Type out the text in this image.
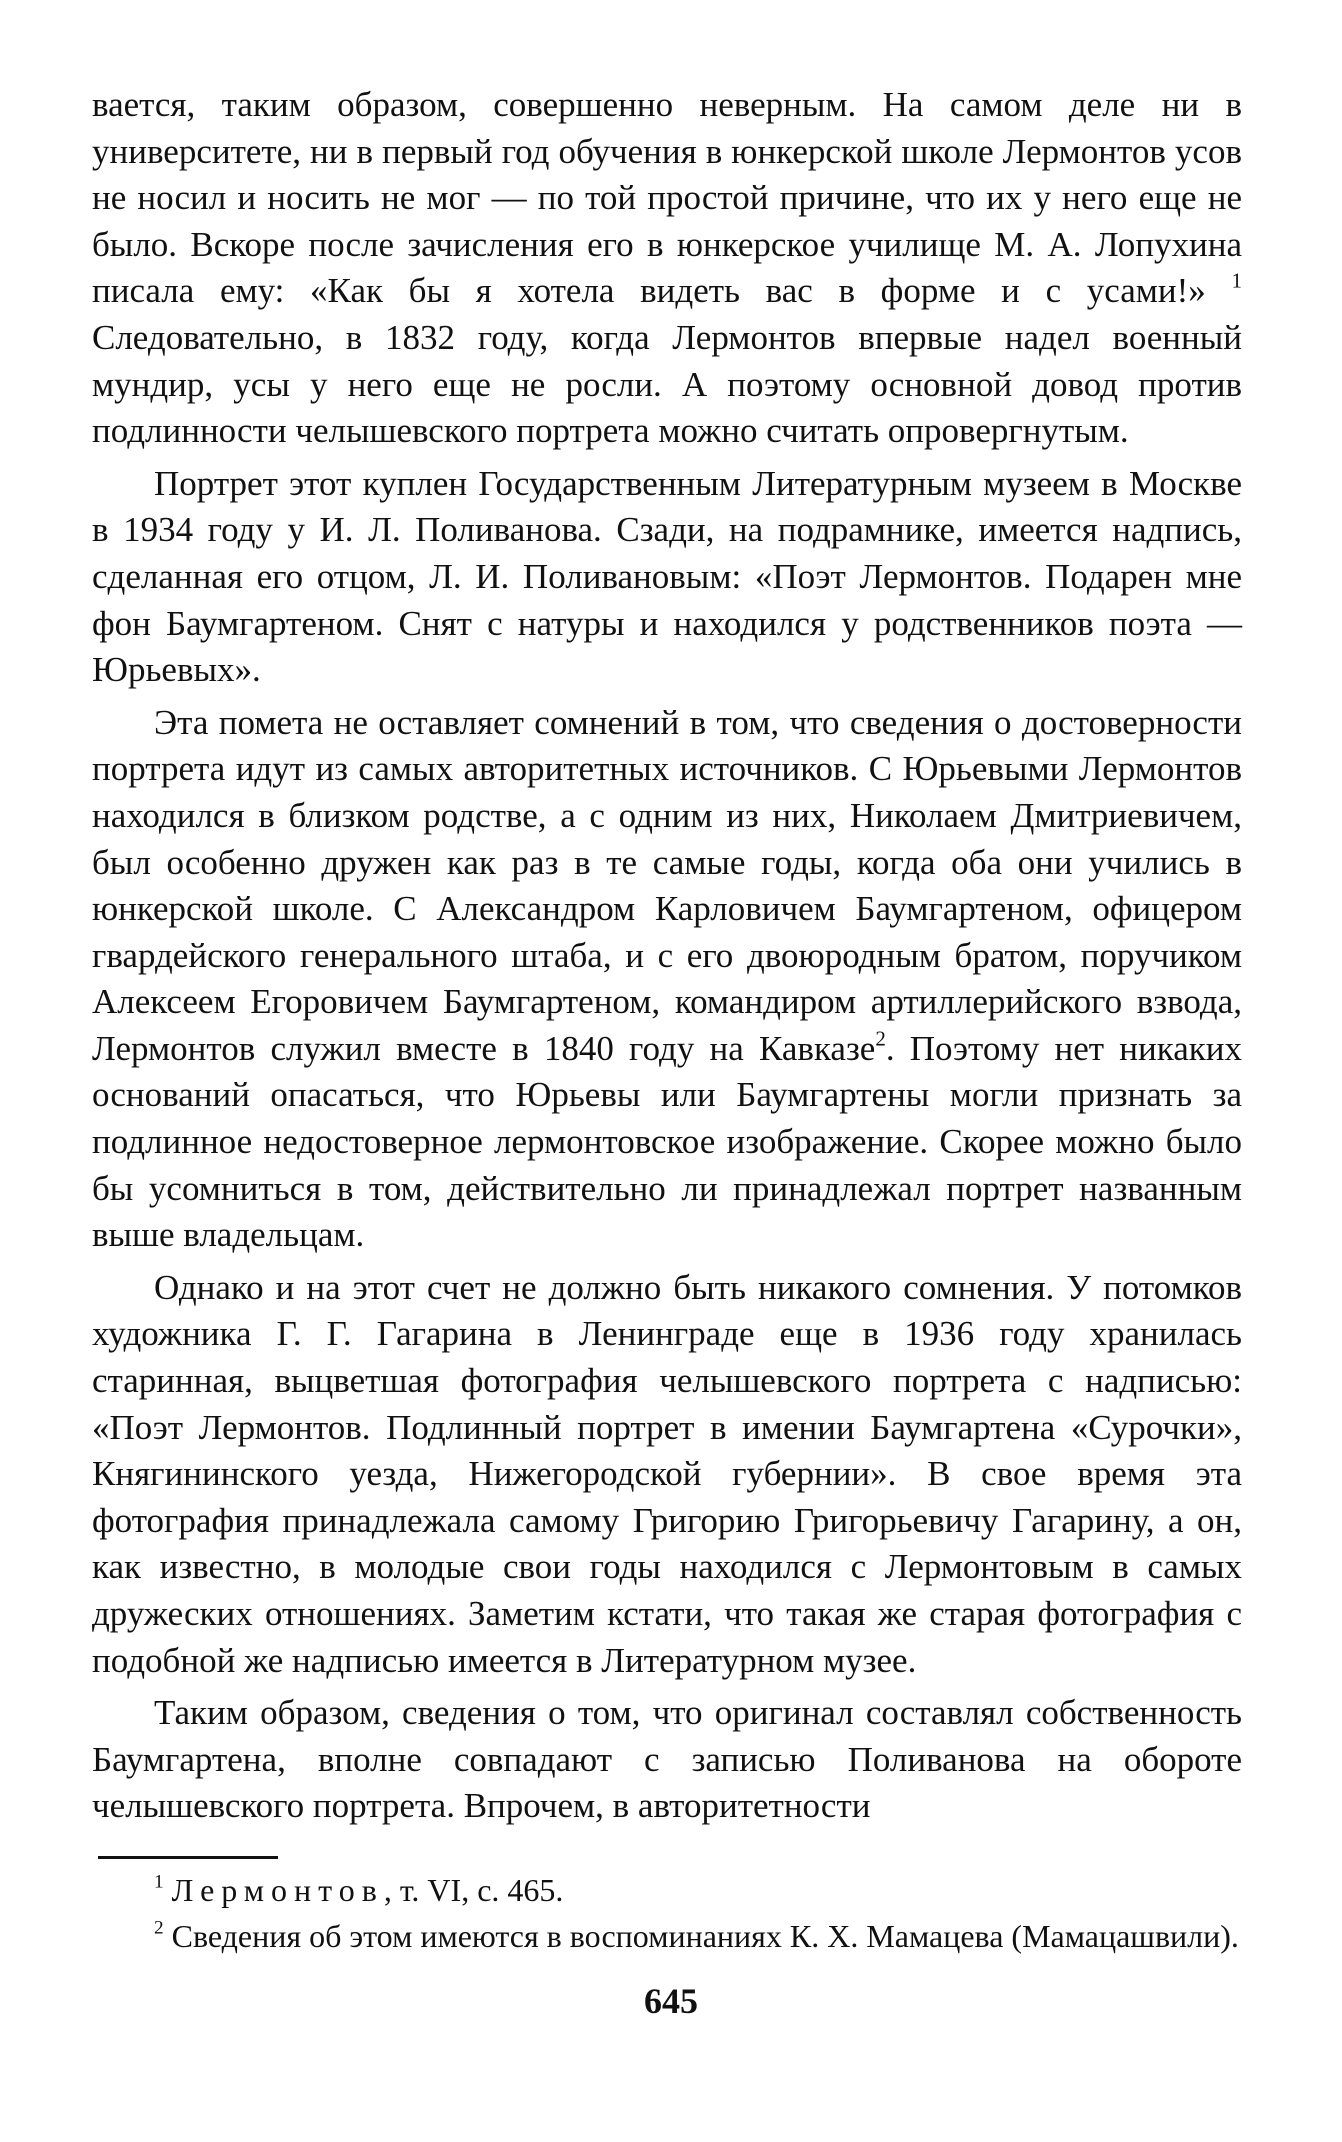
вается, таким образом, совершенно неверным. На самом деле ни в университете, ни в первый год обучения в юнкерской школе Лермонтов усов не носил и носить не мог — по той простой причине, что их у него еще не было. Вскоре после зачисления его в юнкерское училище М. А. Лопухина писала ему: «Как бы я хотела видеть вас в форме и с усами!» $^1$ Следовательно, в 1832 году, когда Лермонтов впервые надел военный мундир, усы у него еще не росли. А поэтому основной довод против подлинности челышевского портрета можно считать опровергнутым.

Портрет этот куплен Государственным Литературным музеем в Москве в 1934 году у И. Л. Поливанова. Сзади, на подрамнике, имеется надпись, сделанная его отцом, Л. И. Поливановым: «Поэт Лермонтов. Подарен мне фон Баумгартеном. Снят с натуры и находился у родственников поэта — Юрьевых».

Эта помета не оставляет сомнений в том, что сведения о достоверности портрета идут из самых авторитетных источников. С Юрьевыми Лермонтов находился в близком родстве, а с одним из них, Николаем Дмитриевичем, был особенно дружен как раз в те самые годы, когда оба они учились в юнкерской школе. С Александром Карловичем Баумгартеном, офицером гвардейского генерального штаба, и с его двоюродным братом, поручиком Алексеем Егоровичем Баумгартеном, командиром артиллерийского взвода, Лермонтов служил вместе в 1840 году на Кавказе$^2$. Поэтому нет никаких оснований опасаться, что Юрьевы или Баумгартены могли признать за подлинное недостоверное лермонтовское изображение. Скорее можно было бы усомниться в том, действительно ли принадлежал портрет названным выше владельцам.

Однако и на этот счет не должно быть никакого сомнения. У потомков художника Г. Г. Гагарина в Ленинграде еще в 1936 году хранилась старинная, выцветшая фотография челышевского портрета с надписью: «Поэт Лермонтов. Подлинный портрет в имении Баумгартена «Сурочки», Княгининского уезда, Нижегородской губернии». В свое время эта фотография принадлежала самому Григорию Григорьевичу Гагарину, а он, как известно, в молодые свои годы находился с Лермонтовым в самых дружеских отношениях. Заметим кстати, что такая же старая фотография с подобной же надписью имеется в Литературном музее.

Таким образом, сведения о том, что оригинал составлял собственность Баумгартена, вполне совпадают с записью Поливанова на обороте челышевского портрета. Впрочем, в авторитетности

$^1$ Лермонтов, т. VI, с. 465.

$^2$ Сведения об этом имеются в воспоминаниях К. Х. Мамацева (Мамацашвили).

645
